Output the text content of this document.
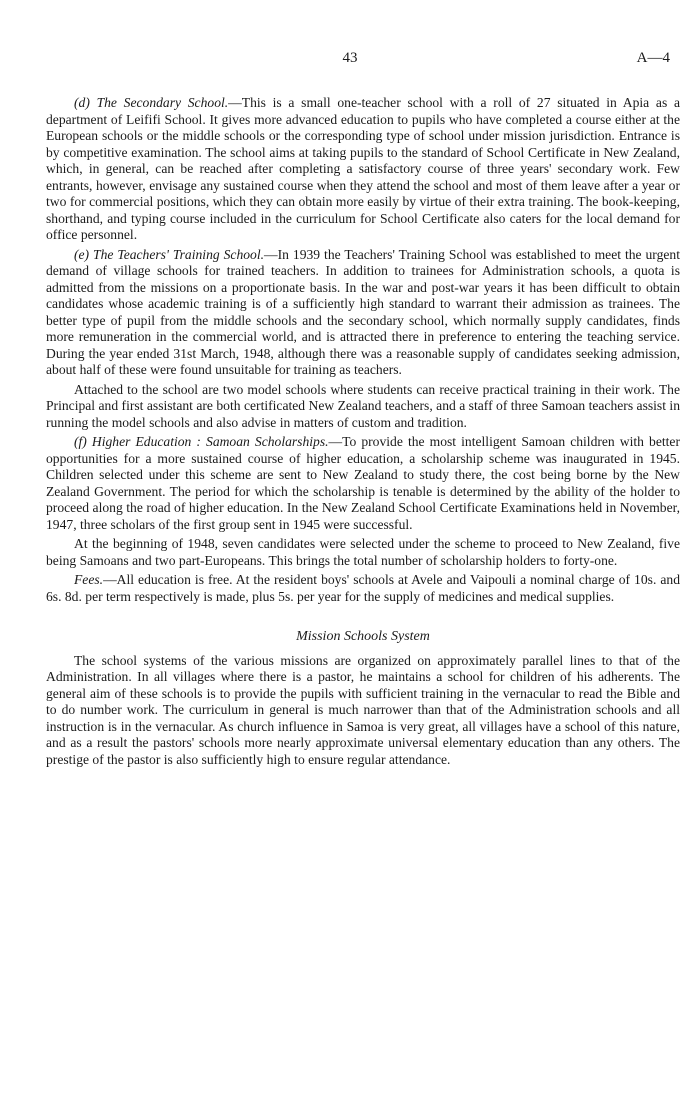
43	A—4

(d) The Secondary School.—This is a small one-teacher school with a roll of 27 situated in Apia as a department of Leififi School. It gives more advanced education to pupils who have completed a course either at the European schools or the middle schools or the corresponding type of school under mission jurisdiction. Entrance is by competitive examination. The school aims at taking pupils to the standard of School Certificate in New Zealand, which, in general, can be reached after completing a satisfactory course of three years' secondary work. Few entrants, however, envisage any sustained course when they attend the school and most of them leave after a year or two for commercial positions, which they can obtain more easily by virtue of their extra training. The book-keeping, shorthand, and typing course included in the curriculum for School Certificate also caters for the local demand for office personnel.

(e) The Teachers' Training School.—In 1939 the Teachers' Training School was established to meet the urgent demand of village schools for trained teachers. In addition to trainees for Administration schools, a quota is admitted from the missions on a proportionate basis. In the war and post-war years it has been difficult to obtain candidates whose academic training is of a sufficiently high standard to warrant their admission as trainees. The better type of pupil from the middle schools and the secondary school, which normally supply candidates, finds more remuneration in the commercial world, and is attracted there in preference to entering the teaching service. During the year ended 31st March, 1948, although there was a reasonable supply of candidates seeking admission, about half of these were found unsuitable for training as teachers.

Attached to the school are two model schools where students can receive practical training in their work. The Principal and first assistant are both certificated New Zealand teachers, and a staff of three Samoan teachers assist in running the model schools and also advise in matters of custom and tradition.

(f) Higher Education : Samoan Scholarships.—To provide the most intelligent Samoan children with better opportunities for a more sustained course of higher education, a scholarship scheme was inaugurated in 1945. Children selected under this scheme are sent to New Zealand to study there, the cost being borne by the New Zealand Government. The period for which the scholarship is tenable is determined by the ability of the holder to proceed along the road of higher education. In the New Zealand School Certificate Examinations held in November, 1947, three scholars of the first group sent in 1945 were successful.

At the beginning of 1948, seven candidates were selected under the scheme to proceed to New Zealand, five being Samoans and two part-Europeans. This brings the total number of scholarship holders to forty-one.

Fees.—All education is free. At the resident boys' schools at Avele and Vaipouli a nominal charge of 10s. and 6s. 8d. per term respectively is made, plus 5s. per year for the supply of medicines and medical supplies.

Mission Schools System

The school systems of the various missions are organized on approximately parallel lines to that of the Administration. In all villages where there is a pastor, he maintains a school for children of his adherents. The general aim of these schools is to provide the pupils with sufficient training in the vernacular to read the Bible and to do number work. The curriculum in general is much narrower than that of the Administration schools and all instruction is in the vernacular. As church influence in Samoa is very great, all villages have a school of this nature, and as a result the pastors' schools more nearly approximate universal elementary education than any others. The prestige of the pastor is also sufficiently high to ensure regular attendance.
